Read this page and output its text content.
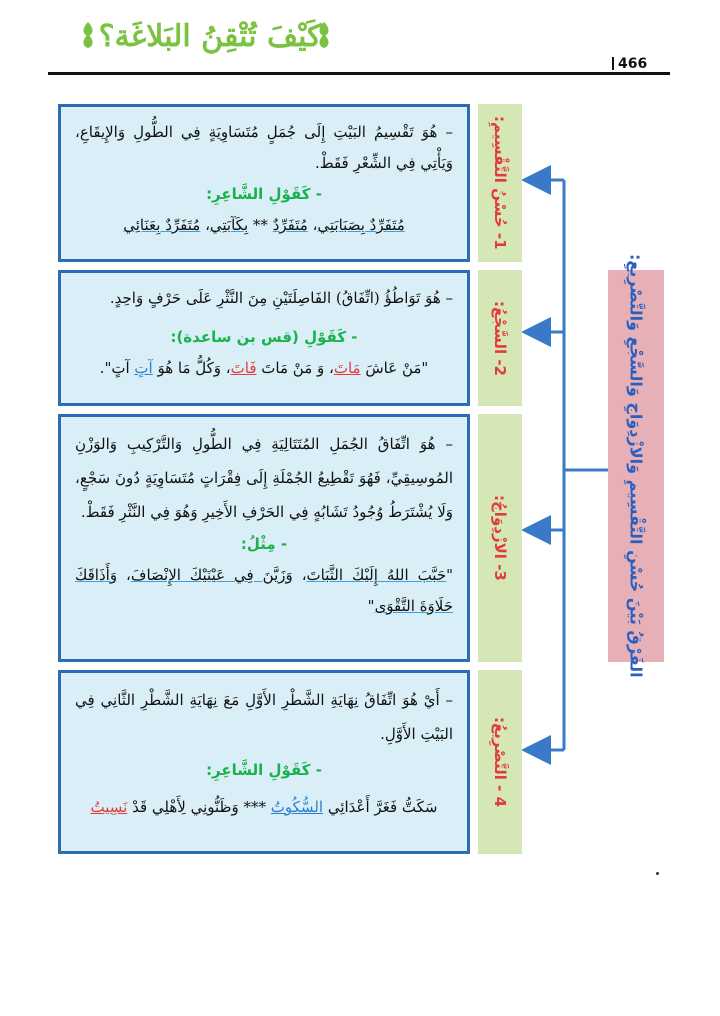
كَيْفَ تُتْقِنُ البَلاغَة؟
466
الفَرْقُ بَيْنَ حُسْنِ التَّقْسِيمِ وَالازْدِوَاجِ وَالسَّجْعِ وَالتَّصْرِيعِ:

– هُوَ تَقْسِيمُ البَيْتِ إِلَى جُمَلٍ مُتَسَاوِيَةٍ فِي الطُّولِ وَالإِيقَاعِ، وَيَأْتِي فِي الشِّعْرِ فَقَطْ.

- كَقَوْلِ الشَّاعِرِ:

مُتَفَرِّدٌ بِصَبَابَتِي، مُتَفَرِّدٌ ** بِكَآبَتِي، مُتَفَرِّدٌ بِعَنَائِي	1- حُسْنُ التَّقْسِيمِ:

– هُوَ تَوَاطُؤُ (اتِّفَاقُ) الفَاصِلَتَيْنِ مِنَ النَّثْرِ عَلَى حَرْفٍ وَاحِدٍ.

- كَقَوْلِ (قس بن ساعدة):

"مَنْ عَاشَ مَاتَ، وَ مَنْ مَاتَ فَاتَ، وَكُلُّ مَا هُوَ آتٍ آتٍ".

2- السَّجْعُ:

– هُوَ اتِّفَاقُ الجُمَلِ المُتَتَالِيَةِ فِي الطُّولِ وَالتَّرْكِيبِ وَالوَزْنِ المُوسِيقِيِّ، فَهُوَ تَقْطِيعُ الجُمْلَةِ إِلَى فِقْرَاتٍ مُتَسَاوِيَةٍ دُونَ سَجْعٍ، وَلَا يُشْتَرَطُ وُجُودُ تَشَابُهٍ فِي الحَرْفِ الأَخِيرِ وَهُوَ فِي النَّثْرِ فَقَطْ.

- مِثْلُ:

"حَبَّبَ اللهُ إِلَيْكَ الثَّبَاتَ، وَزَيَّنَ فِي عَيْنَيْكَ الإِنْصَافَ، وَأَذَاقَكَ حَلَاوَةَ التَّقْوَى"

3- الازْدِوَاجُ:

– أَيْ هُوَ اتِّفَاقُ نِهَايَةِ الشَّطْرِ الأَوَّلِ مَعَ نِهَايَةِ الشَّطْرِ الثَّانِي فِي البَيْتِ الأَوَّلِ.

- كَقَوْلِ الشَّاعِرِ:

سَكَتُّ فَغَرَّ أَعْدَائِي السُّكُوتُ *** وَظَنُّونِي لِأَهْلِي قَدْ نَسِيتُ

4 - التَّصْرِيعُ:
